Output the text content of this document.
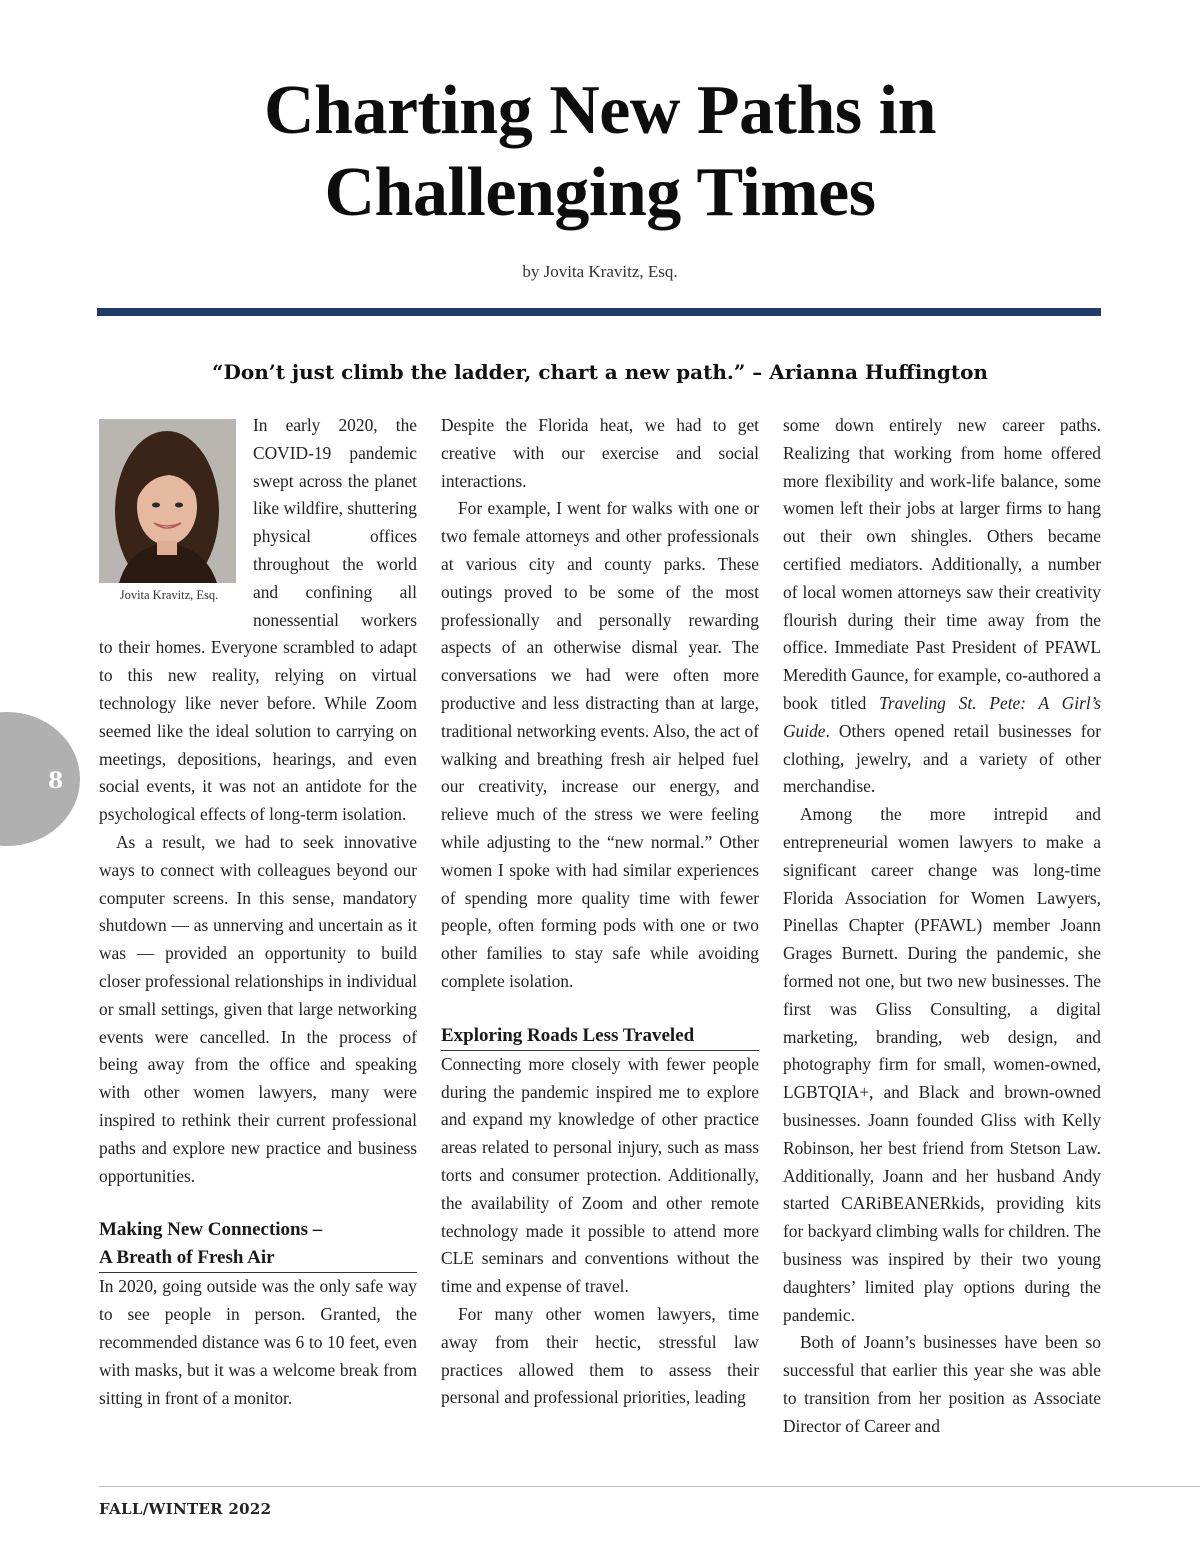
Charting New Paths in
Challenging Times
by Jovita Kravitz, Esq.
“Don’t just climb the ladder, chart a new path.” – Arianna Huffington
8
Jovita Kravitz, Esq.

In early 2020, the COVID-19 pandemic swept across the planet like wildfire, shuttering physical offices throughout the world and confining all nonessential workers to their homes. Everyone scrambled to adapt to this new reality, relying on virtual technology like never before. While Zoom seemed like the ideal solution to carrying on meetings, depositions, hearings, and even social events, it was not an antidote for the psychological effects of long-term isolation.

As a result, we had to seek innovative ways to connect with colleagues beyond our computer screens. In this sense, mandatory shutdown — as unnerving and uncertain as it was — provided an opportunity to build closer professional relationships in individual or small settings, given that large networking events were cancelled. In the process of being away from the office and speaking with other women lawyers, many were inspired to rethink their current professional paths and explore new practice and business opportunities.

Making New Connections –
A Breath of Fresh Air

In 2020, going outside was the only safe way to see people in person. Granted, the recommended distance was 6 to 10 feet, even with masks, but it was a welcome break from sitting in front of a monitor.

Despite the Florida heat, we had to get creative with our exercise and social interactions.

For example, I went for walks with one or two female attorneys and other professionals at various city and county parks. These outings proved to be some of the most professionally and personally rewarding aspects of an otherwise dismal year. The conversations we had were often more productive and less distracting than at large, traditional networking events. Also, the act of walking and breathing fresh air helped fuel our creativity, increase our energy, and relieve much of the stress we were feeling while adjusting to the “new normal.” Other women I spoke with had similar experiences of spending more quality time with fewer people, often forming pods with one or two other families to stay safe while avoiding complete isolation.

Exploring Roads Less Traveled

Connecting more closely with fewer people during the pandemic inspired me to explore and expand my knowledge of other practice areas related to personal injury, such as mass torts and consumer protection. Additionally, the availability of Zoom and other remote technology made it possible to attend more CLE seminars and conventions without the time and expense of travel.

For many other women lawyers, time away from their hectic, stressful law practices allowed them to assess their personal and professional priorities, leading

some down entirely new career paths. Realizing that working from home offered more flexibility and work-life balance, some women left their jobs at larger firms to hang out their own shingles. Others became certified mediators. Additionally, a number of local women attorneys saw their creativity flourish during their time away from the office. Immediate Past President of PFAWL Meredith Gaunce, for example, co-authored a book titled Traveling St. Pete: A Girl’s Guide. Others opened retail businesses for clothing, jewelry, and a variety of other merchandise.

Among the more intrepid and entrepreneurial women lawyers to make a significant career change was long-time Florida Association for Women Lawyers, Pinellas Chapter (PFAWL) member Joann Grages Burnett. During the pandemic, she formed not one, but two new businesses. The first was Gliss Consulting, a digital marketing, branding, web design, and photography firm for small, women-owned, LGBTQIA+, and Black and brown-owned businesses. Joann founded Gliss with Kelly Robinson, her best friend from Stetson Law. Additionally, Joann and her husband Andy started CARiBEANERkids, providing kits for backyard climbing walls for children. The business was inspired by their two young daughters’ limited play options during the pandemic.

Both of Joann’s businesses have been so successful that earlier this year she was able to transition from her position as Associate Director of Career and

FALL/WINTER 2022
